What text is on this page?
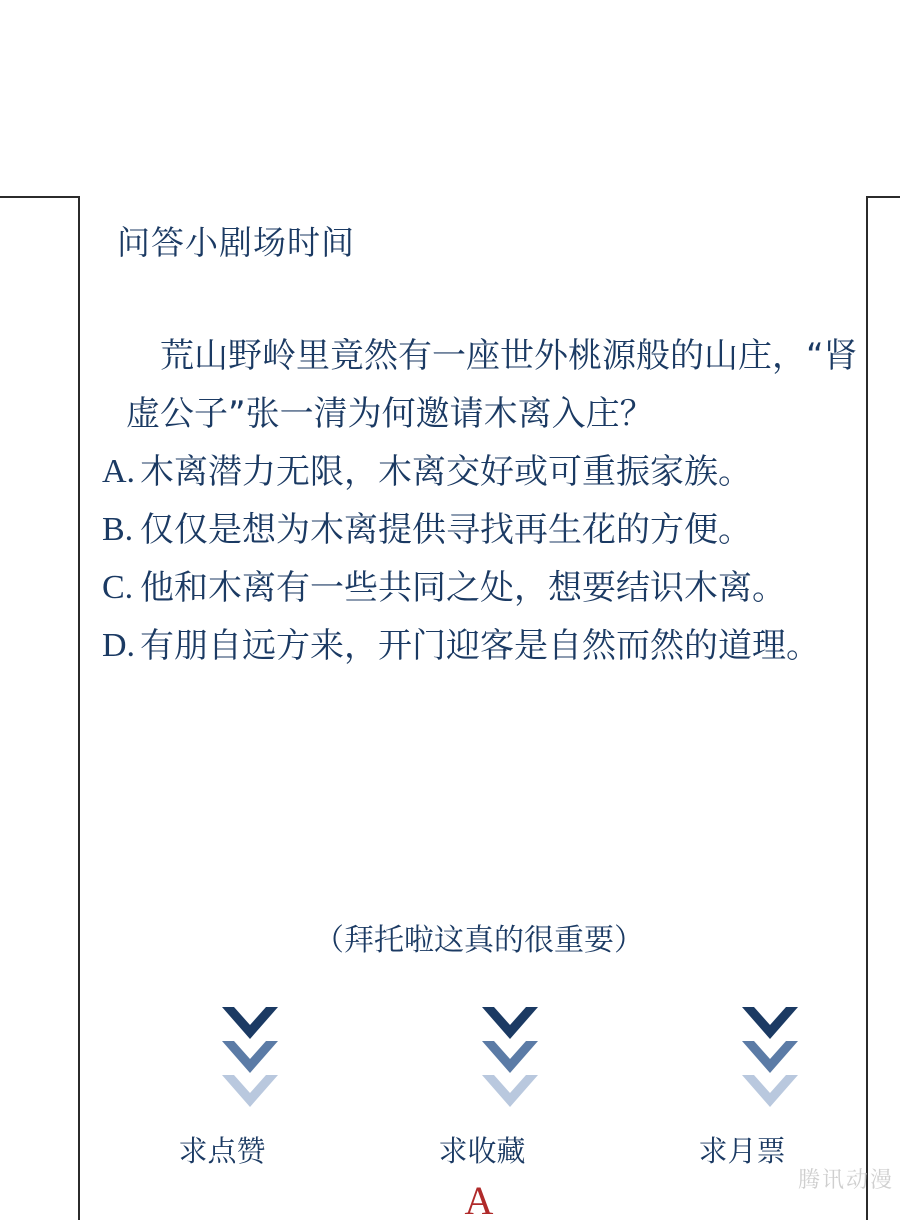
问答小剧场时间
荒山野岭里竟然有一座世外桃源般的山庄，“肾虚公子”张一清为何邀请木离入庄？
A. 木离潜力无限，木离交好或可重振家族。
B. 仅仅是想为木离提供寻找再生花的方便。
C. 他和木离有一些共同之处，想要结识木离。
D. 有朋自远方来，开门迎客是自然而然的道理。
（拜托啦这真的很重要）
求点赞	求收藏	求月票
A	腾讯动漫
